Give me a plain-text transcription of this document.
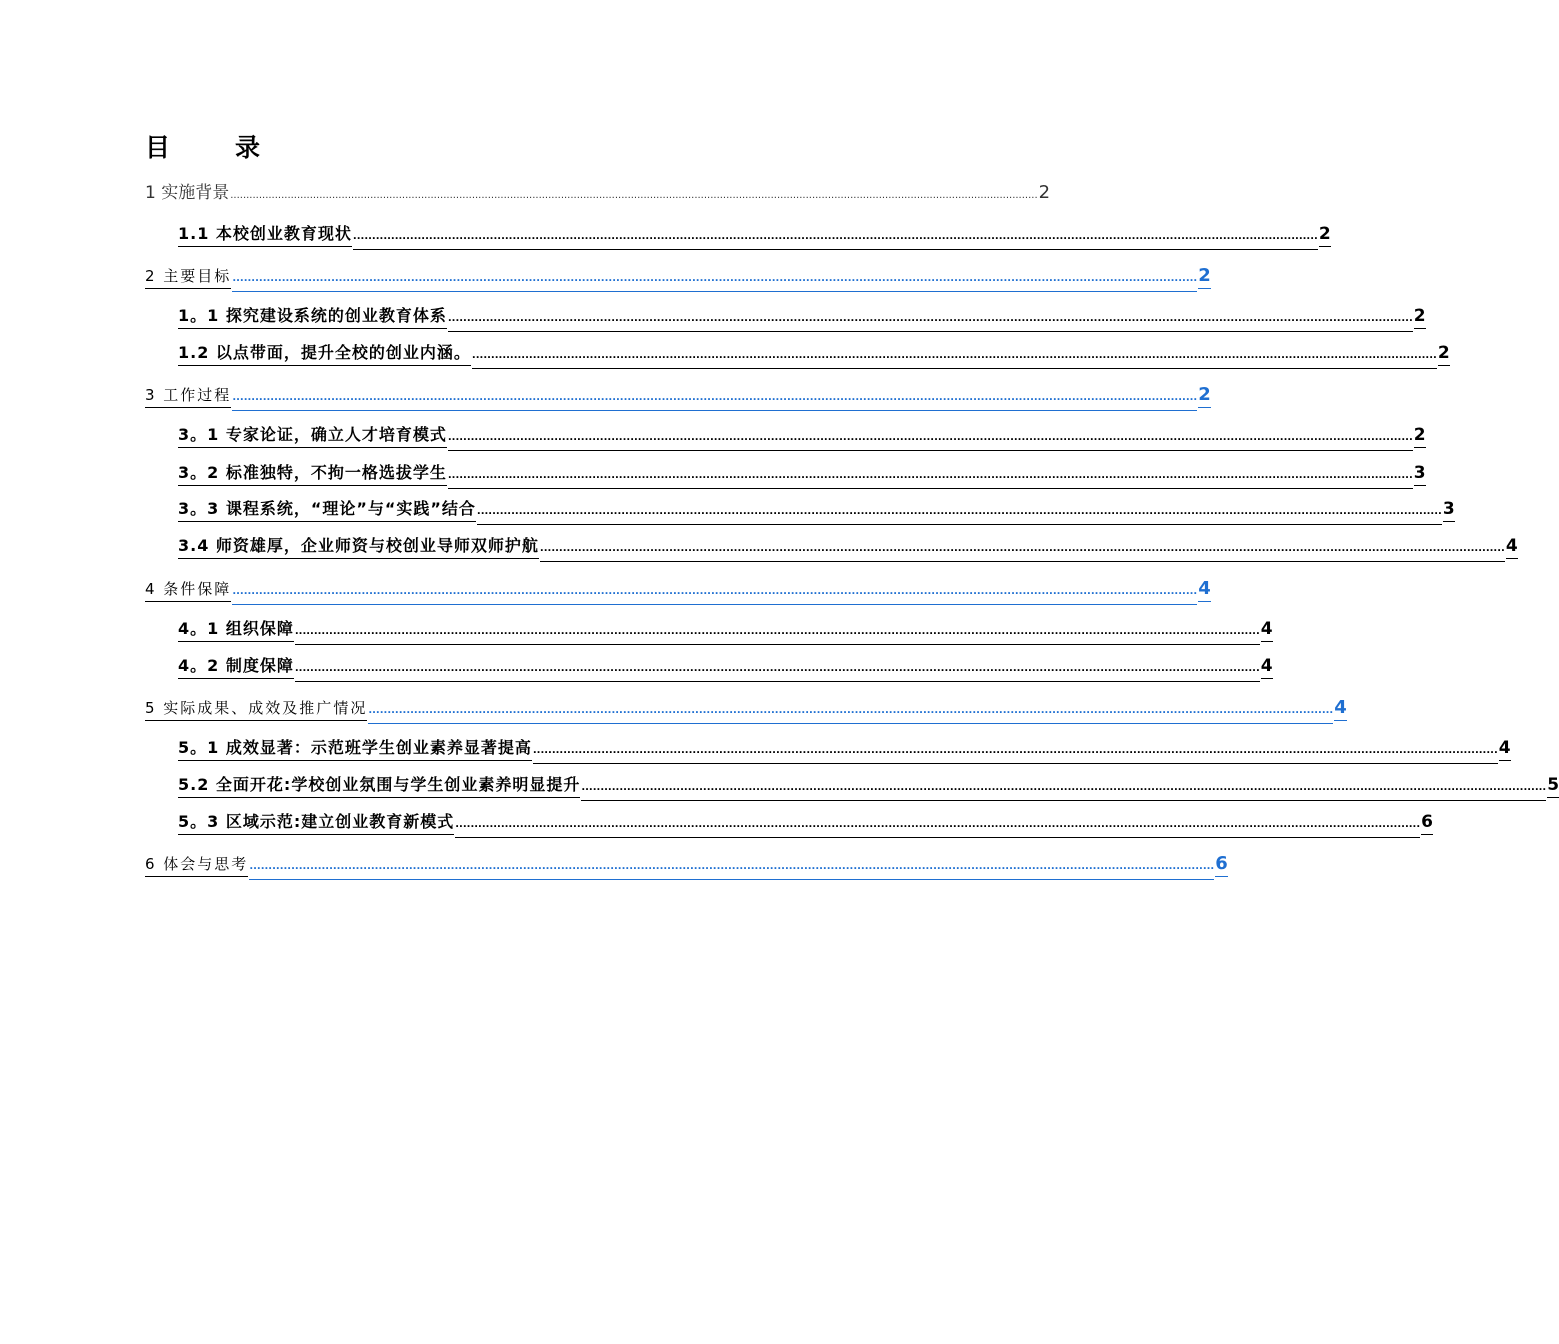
目　录
1 实施背景 .............................................................................................................................................................................................................................................................. 2
1.1 本校创业教育现状 .............................................................................................................................................................................................................................................................. 2
2 主要目标 .............................................................................................................................................................................................................................................................. 2
1。1 探究建设系统的创业教育体系 .............................................................................................................................................................................................................................................................. 2
1.2 以点带面，提升全校的创业内涵。 .............................................................................................................................................................................................................................................................. 2
3 工作过程 .............................................................................................................................................................................................................................................................. 2
3。1 专家论证，确立人才培育模式 .............................................................................................................................................................................................................................................................. 2
3。2 标准独特，不拘一格选拔学生 .............................................................................................................................................................................................................................................................. 3
3。3 课程系统，“理论”与“实践”结合 .............................................................................................................................................................................................................................................................. 3
3.4 师资雄厚，企业师资与校创业导师双师护航 .............................................................................................................................................................................................................................................................. 4
4 条件保障 .............................................................................................................................................................................................................................................................. 4
4。1 组织保障 .............................................................................................................................................................................................................................................................. 4
4。2 制度保障 .............................................................................................................................................................................................................................................................. 4
5 实际成果、成效及推广情况 .............................................................................................................................................................................................................................................................. 4
5。1 成效显著：示范班学生创业素养显著提高 .............................................................................................................................................................................................................................................................. 4
5.2 全面开花:学校创业氛围与学生创业素养明显提升 .............................................................................................................................................................................................................................................................. 5
5。3 区域示范:建立创业教育新模式 .............................................................................................................................................................................................................................................................. 6
6 体会与思考 .............................................................................................................................................................................................................................................................. 6
